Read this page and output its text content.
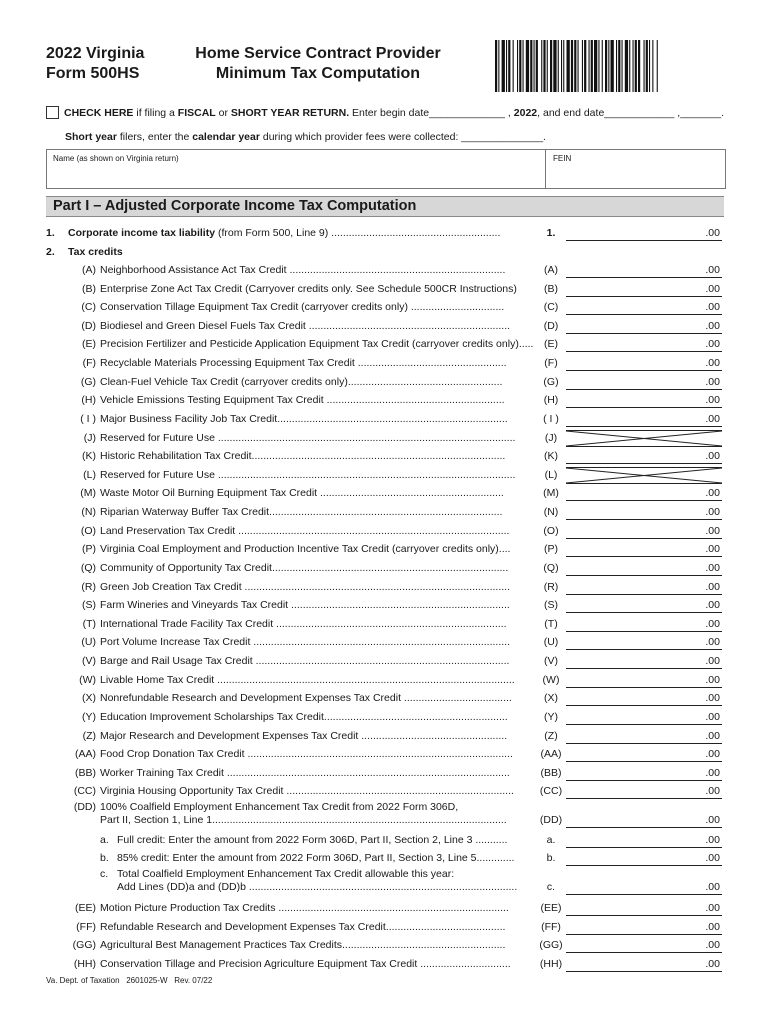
2022 Virginia
Form 500HS
Home Service Contract Provider
Minimum Tax Computation
CHECK HERE if filing a FISCAL or SHORT YEAR RETURN. Enter begin date_____________ , 2022 , and end date____________ ,_______.
Short year filers, enter the calendar year during which provider fees were collected: ______________.
Name (as shown on Virginia return)	FEIN
Part I – Adjusted Corporate Income Tax Computation
1. Corporate income tax liability (from Form 500, Line 9) ..........................................................	1.	.00
2. Tax credits
(A) Neighborhood Assistance Act Tax Credit ..........................................................................	(A)	.00
(B) Enterprise Zone Act Tax Credit (Carryover credits only. See Schedule 500CR Instructions)	(B)	.00
(C) Conservation Tillage Equipment Tax Credit (carryover credits only) ................................	(C)	.00
(D) Biodiesel and Green Diesel Fuels Tax Credit .....................................................................	(D)	.00
(E) Precision Fertilizer and Pesticide Application Equipment Tax Credit (carryover credits only).....	(E)	.00
(F) Recyclable Materials Processing Equipment Tax Credit ...................................................	(F)	.00
(G) Clean-Fuel Vehicle Tax Credit (carryover credits only).....................................................	(G)	.00
(H) Vehicle Emissions Testing Equipment Tax Credit .............................................................	(H)	.00
( I ) Major Business Facility Job Tax Credit...............................................................................	( I )	.00
(J) Reserved for Future Use ......................................................................................................	(J)
(K) Historic Rehabilitation Tax Credit.......................................................................................	(K)	.00
(L) Reserved for Future Use ......................................................................................................	(L)
(M) Waste Motor Oil Burning Equipment Tax Credit ...............................................................	(M)	.00
(N) Riparian Waterway Buffer Tax Credit................................................................................	(N)	.00
(O) Land Preservation Tax Credit .............................................................................................	(O)	.00
(P) Virginia Coal Employment and Production Incentive Tax Credit (carryover credits only)....	(P)	.00
(Q) Community of Opportunity Tax Credit.................................................................................	(Q)	.00
(R) Green Job Creation Tax Credit ...........................................................................................	(R)	.00
(S) Farm Wineries and Vineyards Tax Credit ...........................................................................	(S)	.00
(T) International Trade Facility Tax Credit ...............................................................................	(T)	.00
(U) Port Volume Increase Tax Credit ........................................................................................	(U)	.00
(V) Barge and Rail Usage Tax Credit .......................................................................................	(V)	.00
(W) Livable Home Tax Credit ......................................................................................................	(W)	.00
(X) Nonrefundable Research and Development Expenses Tax Credit .....................................	(X)	.00
(Y) Education Improvement Scholarships Tax Credit...............................................................	(Y)	.00
(Z) Major Research and Development Expenses Tax Credit ..................................................	(Z)	.00
(AA) Food Crop Donation Tax Credit ...........................................................................................	(AA)	.00
(BB) Worker Training Tax Credit .................................................................................................	(BB)	.00
(CC) Virginia Housing Opportunity Tax Credit ..............................................................................	(CC)	.00
(DD) 100% Coalfield Employment Enhancement Tax Credit from 2022 Form 306D,
Part II, Section 1, Line 1.....................................................................................................	(DD)	.00
a. Full credit: Enter the amount from 2022 Form 306D, Part II, Section 2, Line 3 ...........	a.	.00
b. 85% credit: Enter the amount from 2022 Form 306D, Part II, Section 3, Line 5.............	b.	.00
c. Total Coalfield Employment Enhancement Tax Credit allowable this year:
Add Lines (DD)a and (DD)b ............................................................................................	c.	.00
(EE) Motion Picture Production Tax Credits ...............................................................................	(EE)	.00
(FF) Refundable Research and Development Expenses Tax Credit.........................................	(FF)	.00
(GG) Agricultural Best Management Practices Tax Credits........................................................	(GG)	.00
(HH) Conservation Tillage and Precision Agriculture Equipment Tax Credit ...............................	(HH)	.00
Va. Dept. of Taxation   2601025-W   Rev. 07/22
